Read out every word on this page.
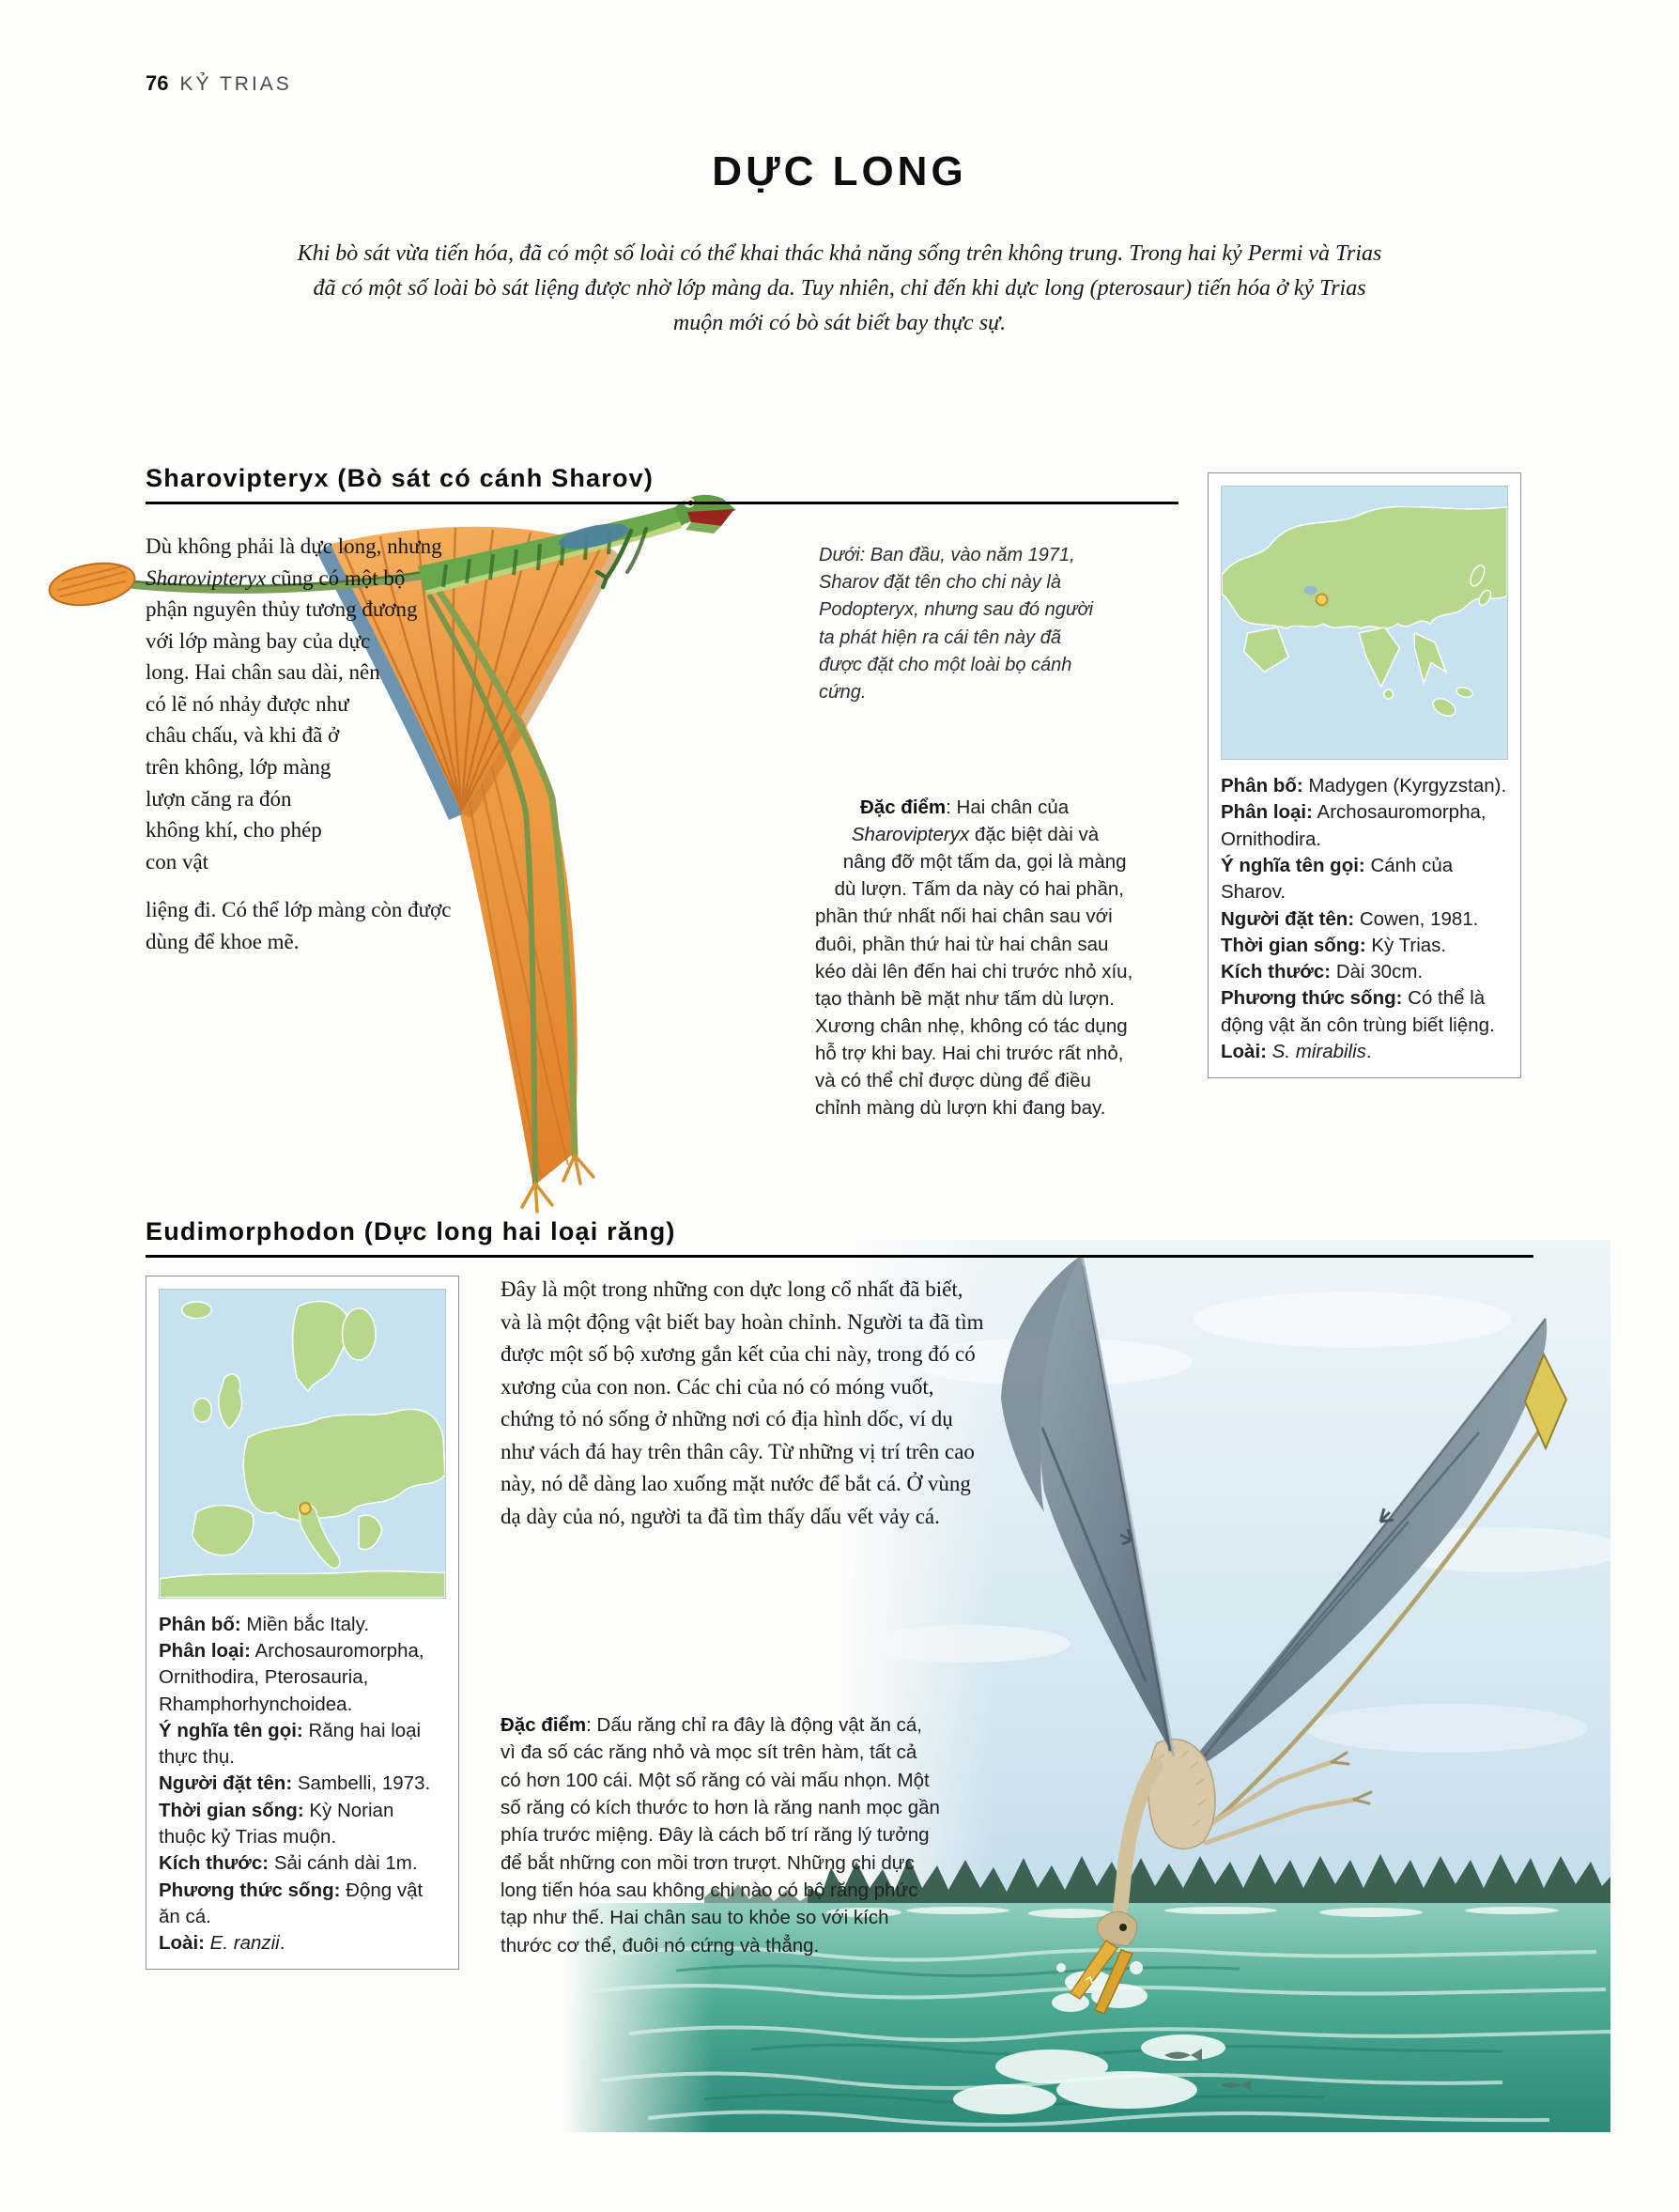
76 KỶ TRIAS
DỰC LONG

Khi bò sát vừa tiến hóa, đã có một số loài có thể khai thác khả năng sống trên không trung. Trong hai kỷ Permi và Trias đã có một số loài bò sát liệng được nhờ lớp màng da. Tuy nhiên, chỉ đến khi dực long (pterosaur) tiến hóa ở kỷ Trias muộn mới có bò sát biết bay thực sự.

Sharovipteryx (Bò sát có cánh Sharov)

Dù không phải là dực long, nhưng Sharovipteryx cũng có một bộ phận nguyên thủy tương đương với lớp màng bay của dực long. Hai chân sau dài, nên có lẽ nó nhảy được như châu chấu, và khi đã ở trên không, lớp màng lượn căng ra đón không khí, cho phép con vật

liệng đi. Có thể lớp màng còn được dùng để khoe mẽ.

Dưới: Ban đầu, vào năm 1971, Sharov đặt tên cho chi này là Podopteryx, nhưng sau đó người ta phát hiện ra cái tên này đã được đặt cho một loài bọ cánh cứng.

Đặc điểm: Hai chân của Sharovipteryx đặc biệt dài và nâng đỡ một tấm da, gọi là màng dù lượn. Tấm da này có hai phần, phần thứ nhất nối hai chân sau với đuôi, phần thứ hai từ hai chân sau kéo dài lên đến hai chi trước nhỏ xíu, tạo thành bề mặt như tấm dù lượn. Xương chân nhẹ, không có tác dụng hỗ trợ khi bay. Hai chi trước rất nhỏ, và có thể chỉ được dùng để điều chỉnh màng dù lượn khi đang bay.

Phân bố: Madygen (Kyrgyzstan).

Phân loại: Archosauromorpha, Ornithodira.

Ý nghĩa tên gọi: Cánh của Sharov.

Người đặt tên: Cowen, 1981.

Thời gian sống: Kỳ Trias.

Kích thước: Dài 30cm.

Phương thức sống: Có thể là động vật ăn côn trùng biết liệng.

Loài: S. mirabilis.

Eudimorphodon (Dực long hai loại răng)

Phân bố: Miền bắc Italy.

Phân loại: Archosauromorpha, Ornithodira, Pterosauria, Rhamphorhynchoidea.

Ý nghĩa tên gọi: Răng hai loại thực thụ.

Người đặt tên: Sambelli, 1973.

Thời gian sống: Kỳ Norian thuộc kỷ Trias muộn.

Kích thước: Sải cánh dài 1m.

Phương thức sống: Động vật ăn cá.

Loài: E. ranzii.

Đây là một trong những con dực long cổ nhất đã biết, và là một động vật biết bay hoàn chỉnh. Người ta đã tìm được một số bộ xương gắn kết của chi này, trong đó có xương của con non. Các chi của nó có móng vuốt, chứng tỏ nó sống ở những nơi có địa hình dốc, ví dụ như vách đá hay trên thân cây. Từ những vị trí trên cao này, nó dễ dàng lao xuống mặt nước để bắt cá. Ở vùng dạ dày của nó, người ta đã tìm thấy dấu vết vảy cá.

Đặc điểm: Dấu răng chỉ ra đây là động vật ăn cá, vì đa số các răng nhỏ và mọc sít trên hàm, tất cả có hơn 100 cái. Một số răng có vài mấu nhọn. Một số răng có kích thước to hơn là răng nanh mọc gần phía trước miệng. Đây là cách bố trí răng lý tưởng để bắt những con mồi trơn trượt. Những chi dực long tiến hóa sau không chi nào có bộ răng phức tạp như thế. Hai chân sau to khỏe so với kích thước cơ thể, đuôi nó cứng và thẳng.
